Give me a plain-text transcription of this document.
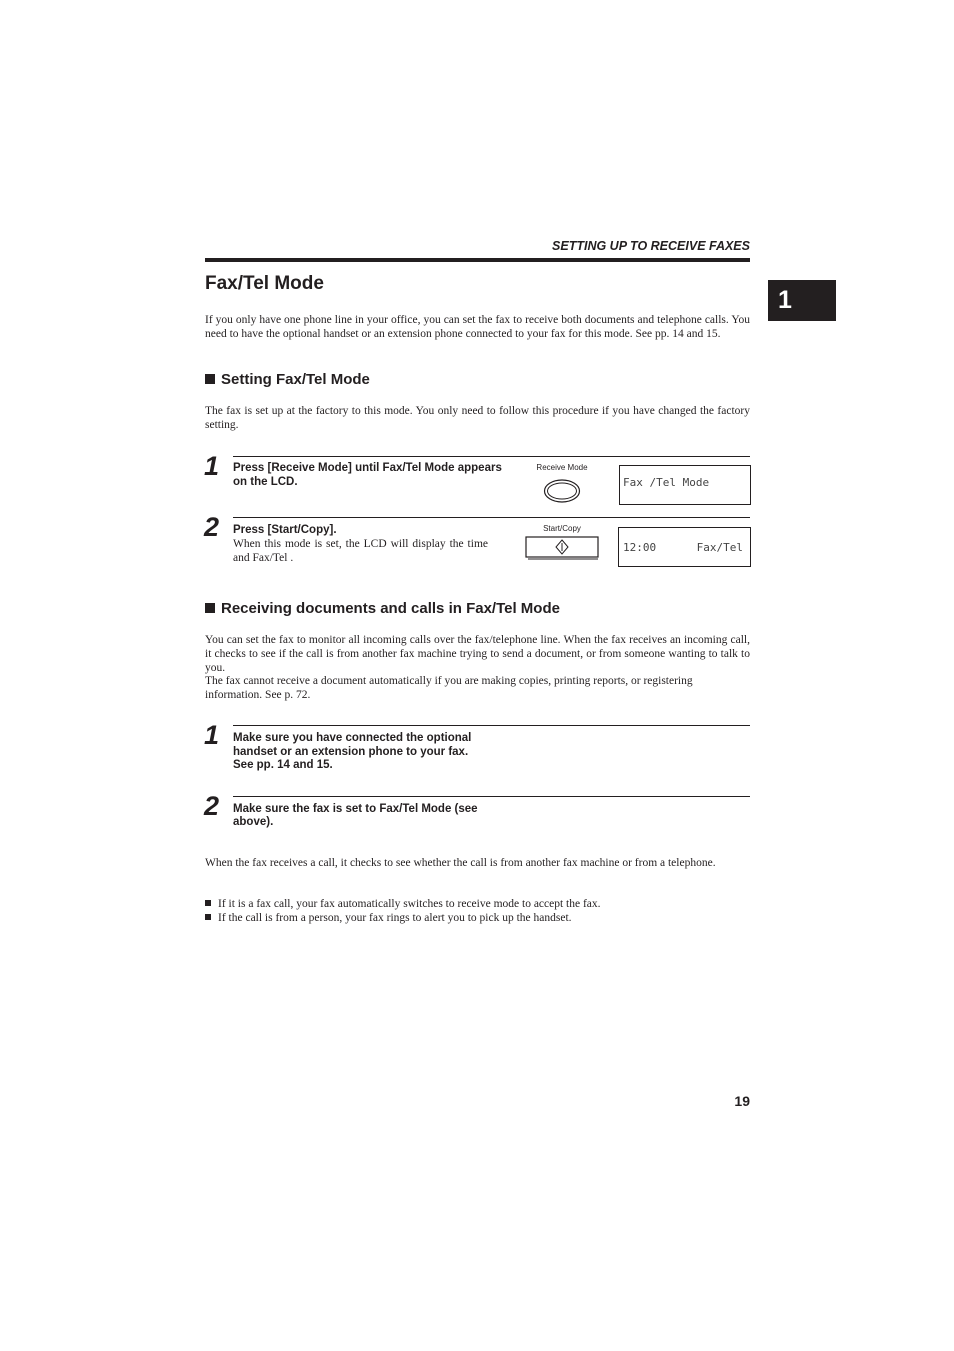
SETTING UP TO RECEIVE FAXES
1
Fax/Tel Mode
If you only have one phone line in your office, you can set the fax to receive both documents and telephone calls. You need to have the optional handset or an extension phone connected to your fax for this mode. See pp. 14 and 15.
Setting Fax/Tel Mode
The fax is set up at the factory to this mode. You only need to follow this procedure if you have changed the factory setting.
1 Press [Receive Mode] until Fax/Tel Mode appears on the LCD.
Receive Mode
Fax /Tel Mode
2 Press [Start/Copy].
When this mode is set, the LCD will display the time and Fax/Tel .
Start/Copy
12:00	Fax/Tel
Receiving documents and calls in Fax/Tel Mode
You can set the fax to monitor all incoming calls over the fax/telephone line. When the fax receives an incoming call, it checks to see if the call is from another fax machine trying to send a document, or from someone wanting to talk to you.
The fax cannot receive a document automatically if you are making copies, printing reports, or registering information. See p. 72.
1 Make sure you have connected the optional
handset or an extension phone to your fax.
See pp. 14 and 15.
2 Make sure the fax is set to Fax/Tel Mode (see
above).
When the fax receives a call, it checks to see whether the call is from another fax machine or from a telephone.
If it is a fax call, your fax automatically switches to receive mode to accept the fax.
If the call is from a person, your fax rings to alert you to pick up the handset.
19
